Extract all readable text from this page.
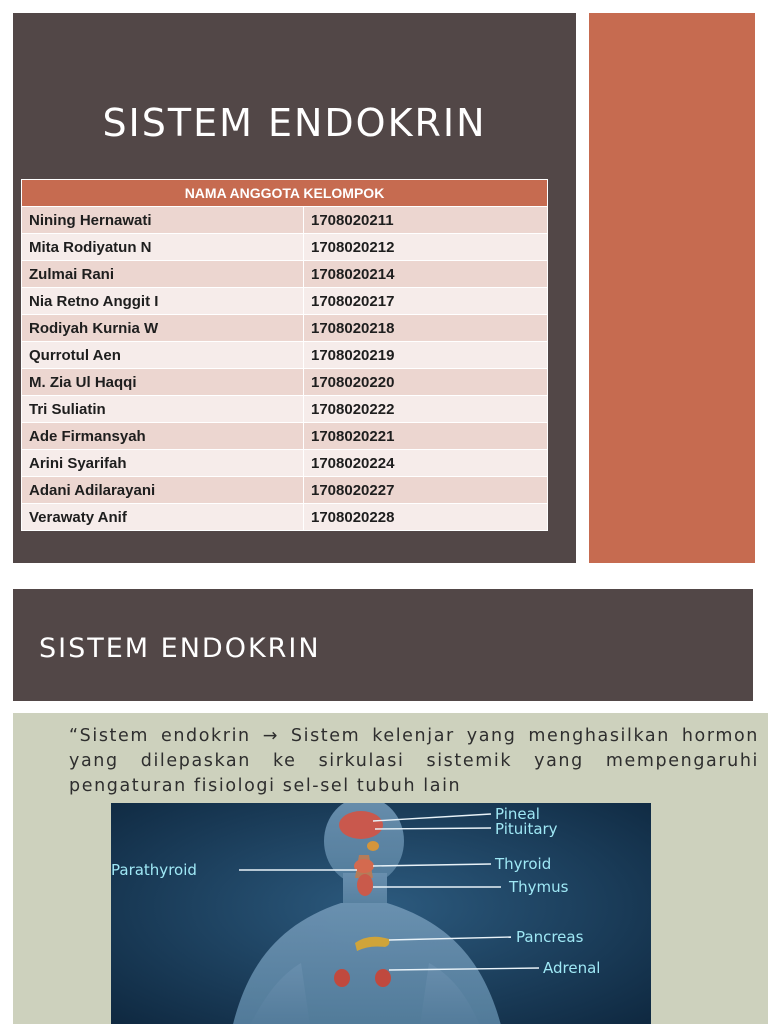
SISTEM ENDOKRIN
NAMA ANGGOTA KELOMPOK	
Nining Hernawati	1708020211
Mita Rodiyatun N	1708020212
Zulmai Rani	1708020214
Nia Retno Anggit I	1708020217
Rodiyah Kurnia W	1708020218
Qurrotul Aen	1708020219
M. Zia Ul Haqqi	1708020220
Tri Suliatin	1708020222
Ade Firmansyah	1708020221
Arini Syarifah	1708020224
Adani Adilarayani	1708020227
Verawaty Anif	1708020228
SISTEM ENDOKRIN
“Sistem endokrin → Sistem kelenjar yang menghasilkan hormon
yang dilepaskan ke sirkulasi sistemik yang mempengaruhi
pengaturan fisiologi sel-sel tubuh lain
Pineal
Pituitary
Parathyroid	Thyroid
Thymus
Pancreas
Adrenal
